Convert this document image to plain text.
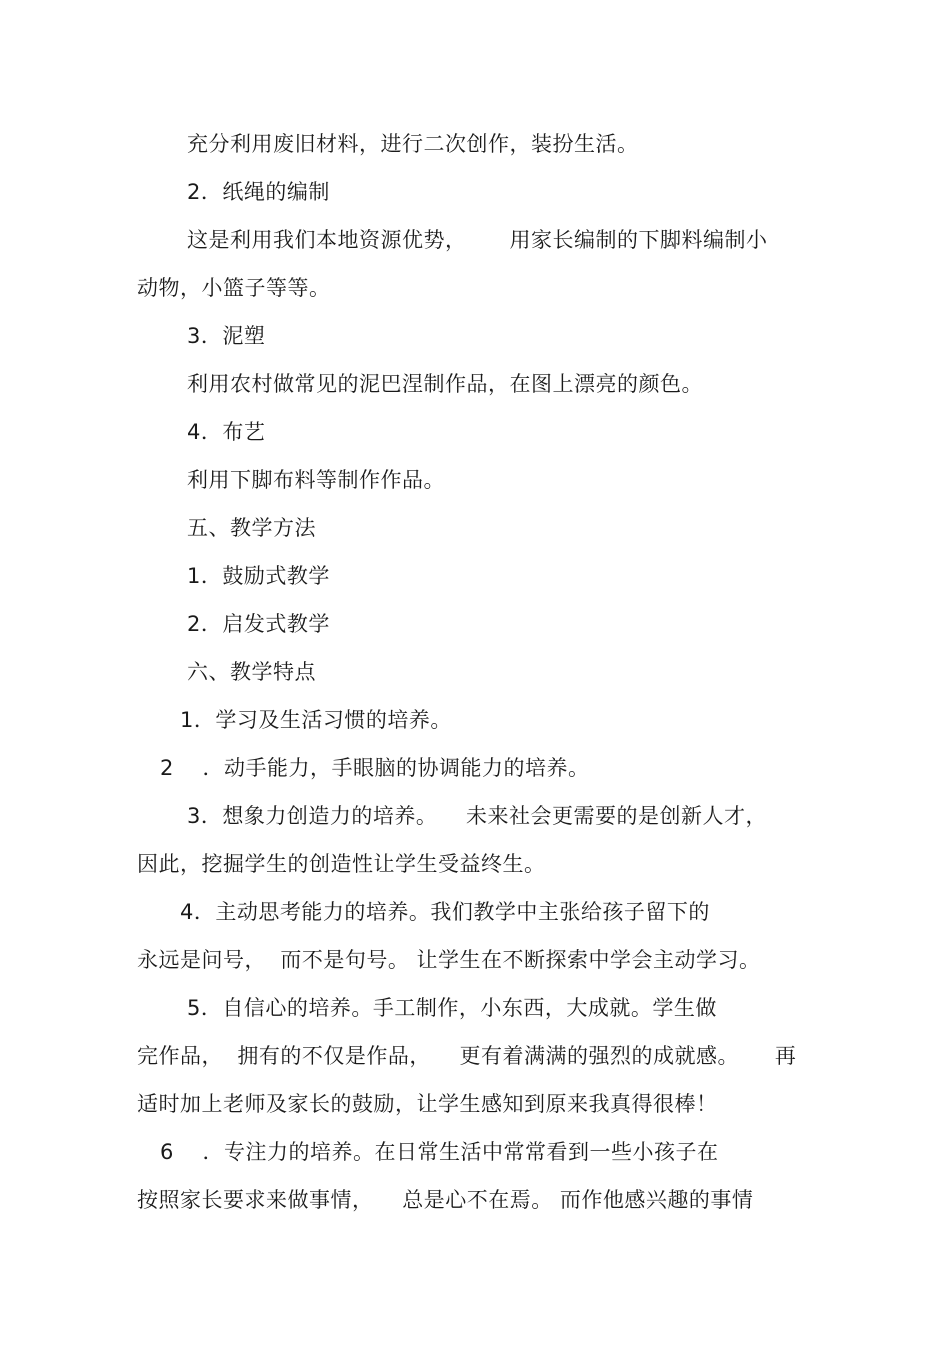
充分利用废旧材料，进行二次创作，装扮生活。
2．纸绳的编制
这是利用我们本地资源优势，      用家长编制的下脚料编制小
动物，小篮子等等。
3．泥塑
利用农村做常见的泥巴涅制作品，在图上漂亮的颜色。
4．布艺
利用下脚布料等制作作品。
五、教学方法
1．鼓励式教学
2．启发式教学
六、教学特点
1．学习及生活习惯的培养。
2    ．动手能力，手眼脑的协调能力的培养。
3．想象力创造力的培养。    未来社会更需要的是创新人才，
因此，挖掘学生的创造性让学生受益终生。
4．主动思考能力的培养。我们教学中主张给孩子留下的
永远是问号，  而不是句号。 让学生在不断探索中学会主动学习。
5．自信心的培养。手工制作，小东西，大成就。学生做
完作品，  拥有的不仅是作品，    更有着满满的强烈的成就感。     再
适时加上老师及家长的鼓励，让学生感知到原来我真得很棒！
6    ．专注力的培养。在日常生活中常常看到一些小孩子在
按照家长要求来做事情，    总是心不在焉。 而作他感兴趣的事情
